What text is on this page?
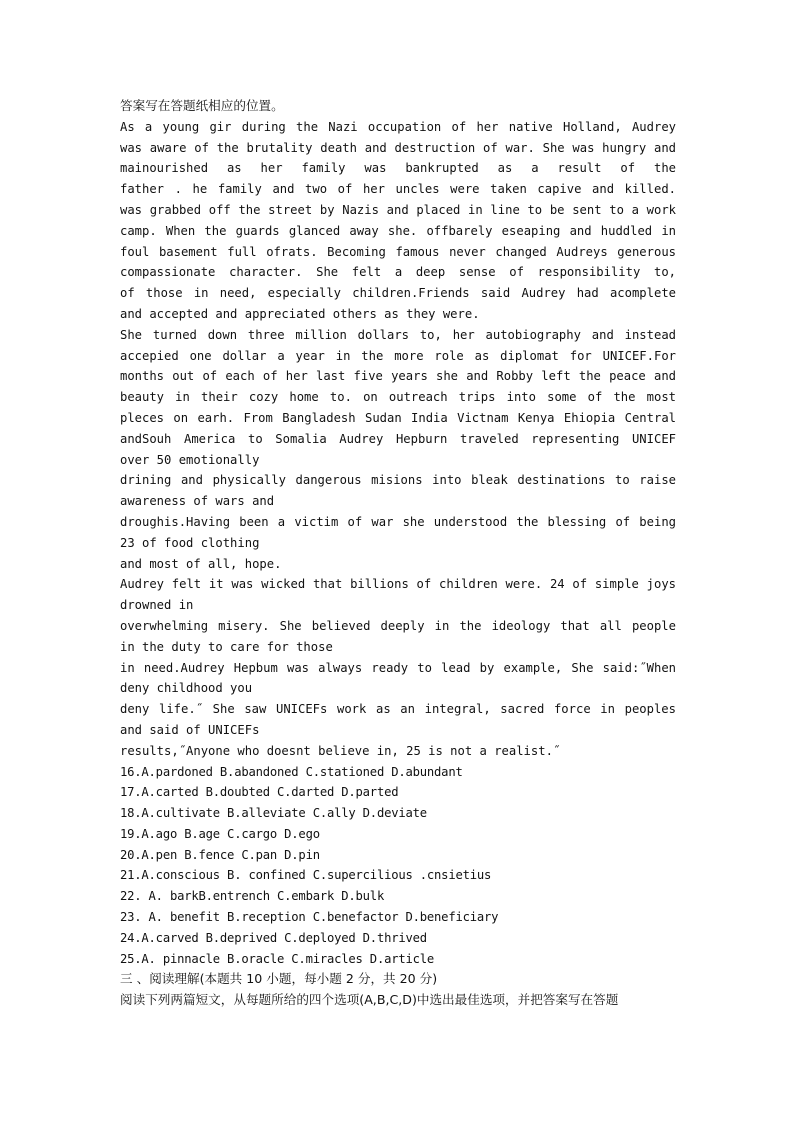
答案写在答题纸相应的位置。
As a young gir during the Nazi occupation of her native Holland, Audrey
was aware of the brutality death and destruction of war. She was hungry and
mainourished as her family was bankrupted as a result of the
father . he family and two of her uncles were taken capive and killed.
was grabbed off the street by Nazis and placed in line to be sent to a work
camp. When the guards glanced away she. offbarely eseaping and huddled in
foul basement full ofrats. Becoming famous never changed Audreys generous
compassionate character. She felt a deep sense of responsibility to,
of those in need, especially children.Friends said Audrey had acomplete
and accepted and appreciated others as they were.
She turned down three million dollars to, her autobiography and instead
accepied one dollar a year in the more role as diplomat for UNICEF.For
months out of each of her last five years she and Robby left the peace and
beauty in their cozy home to. on outreach trips into some of the most
pleces on earh. From Bangladesh Sudan India Victnam Kenya Ehiopia Central
andSouh America to Somalia Audrey Hepburn traveled representing UNICEF
over 50 emotionally
drining and physically dangerous misions into bleak destinations to raise
awareness of wars and
droughis.Having been a victim of war she understood the blessing of being
23 of food clothing
and most of all, hope.
Audrey felt it was wicked that billions of children were. 24 of simple joys
drowned in
overwhelming misery. She believed deeply in the ideology that all people
in the duty to care for those
in need.Audrey Hepbum was always ready to lead by example, She said:˝When
deny childhood you
deny life.˝ She saw UNICEFs work as an integral, sacred force in peoples
and said of UNICEFs
results,˝Anyone who doesnt believe in, 25 is not a realist.˝
16.A.pardoned B.abandoned C.stationed D.abundant
17.A.carted B.doubted C.darted D.parted
18.A.cultivate B.alleviate C.ally D.deviate
19.A.ago B.age C.cargo D.ego
20.A.pen B.fence C.pan D.pin
21.A.conscious B. confined C.supercilious .cnsietius
22. A. barkB.entrench C.embark D.bulk
23. A. benefit B.reception C.benefactor D.beneficiary
24.A.carved B.deprived C.deployed D.thrived
25.A. pinnacle B.oracle C.miracles D.article
三 、阅读理解(本题共 10 小题，每小题 2 分，共 20 分)
阅读下列两篇短文，从每题所给的四个选项(A,B,C,D)中选出最佳选项，并把答案写在答题
